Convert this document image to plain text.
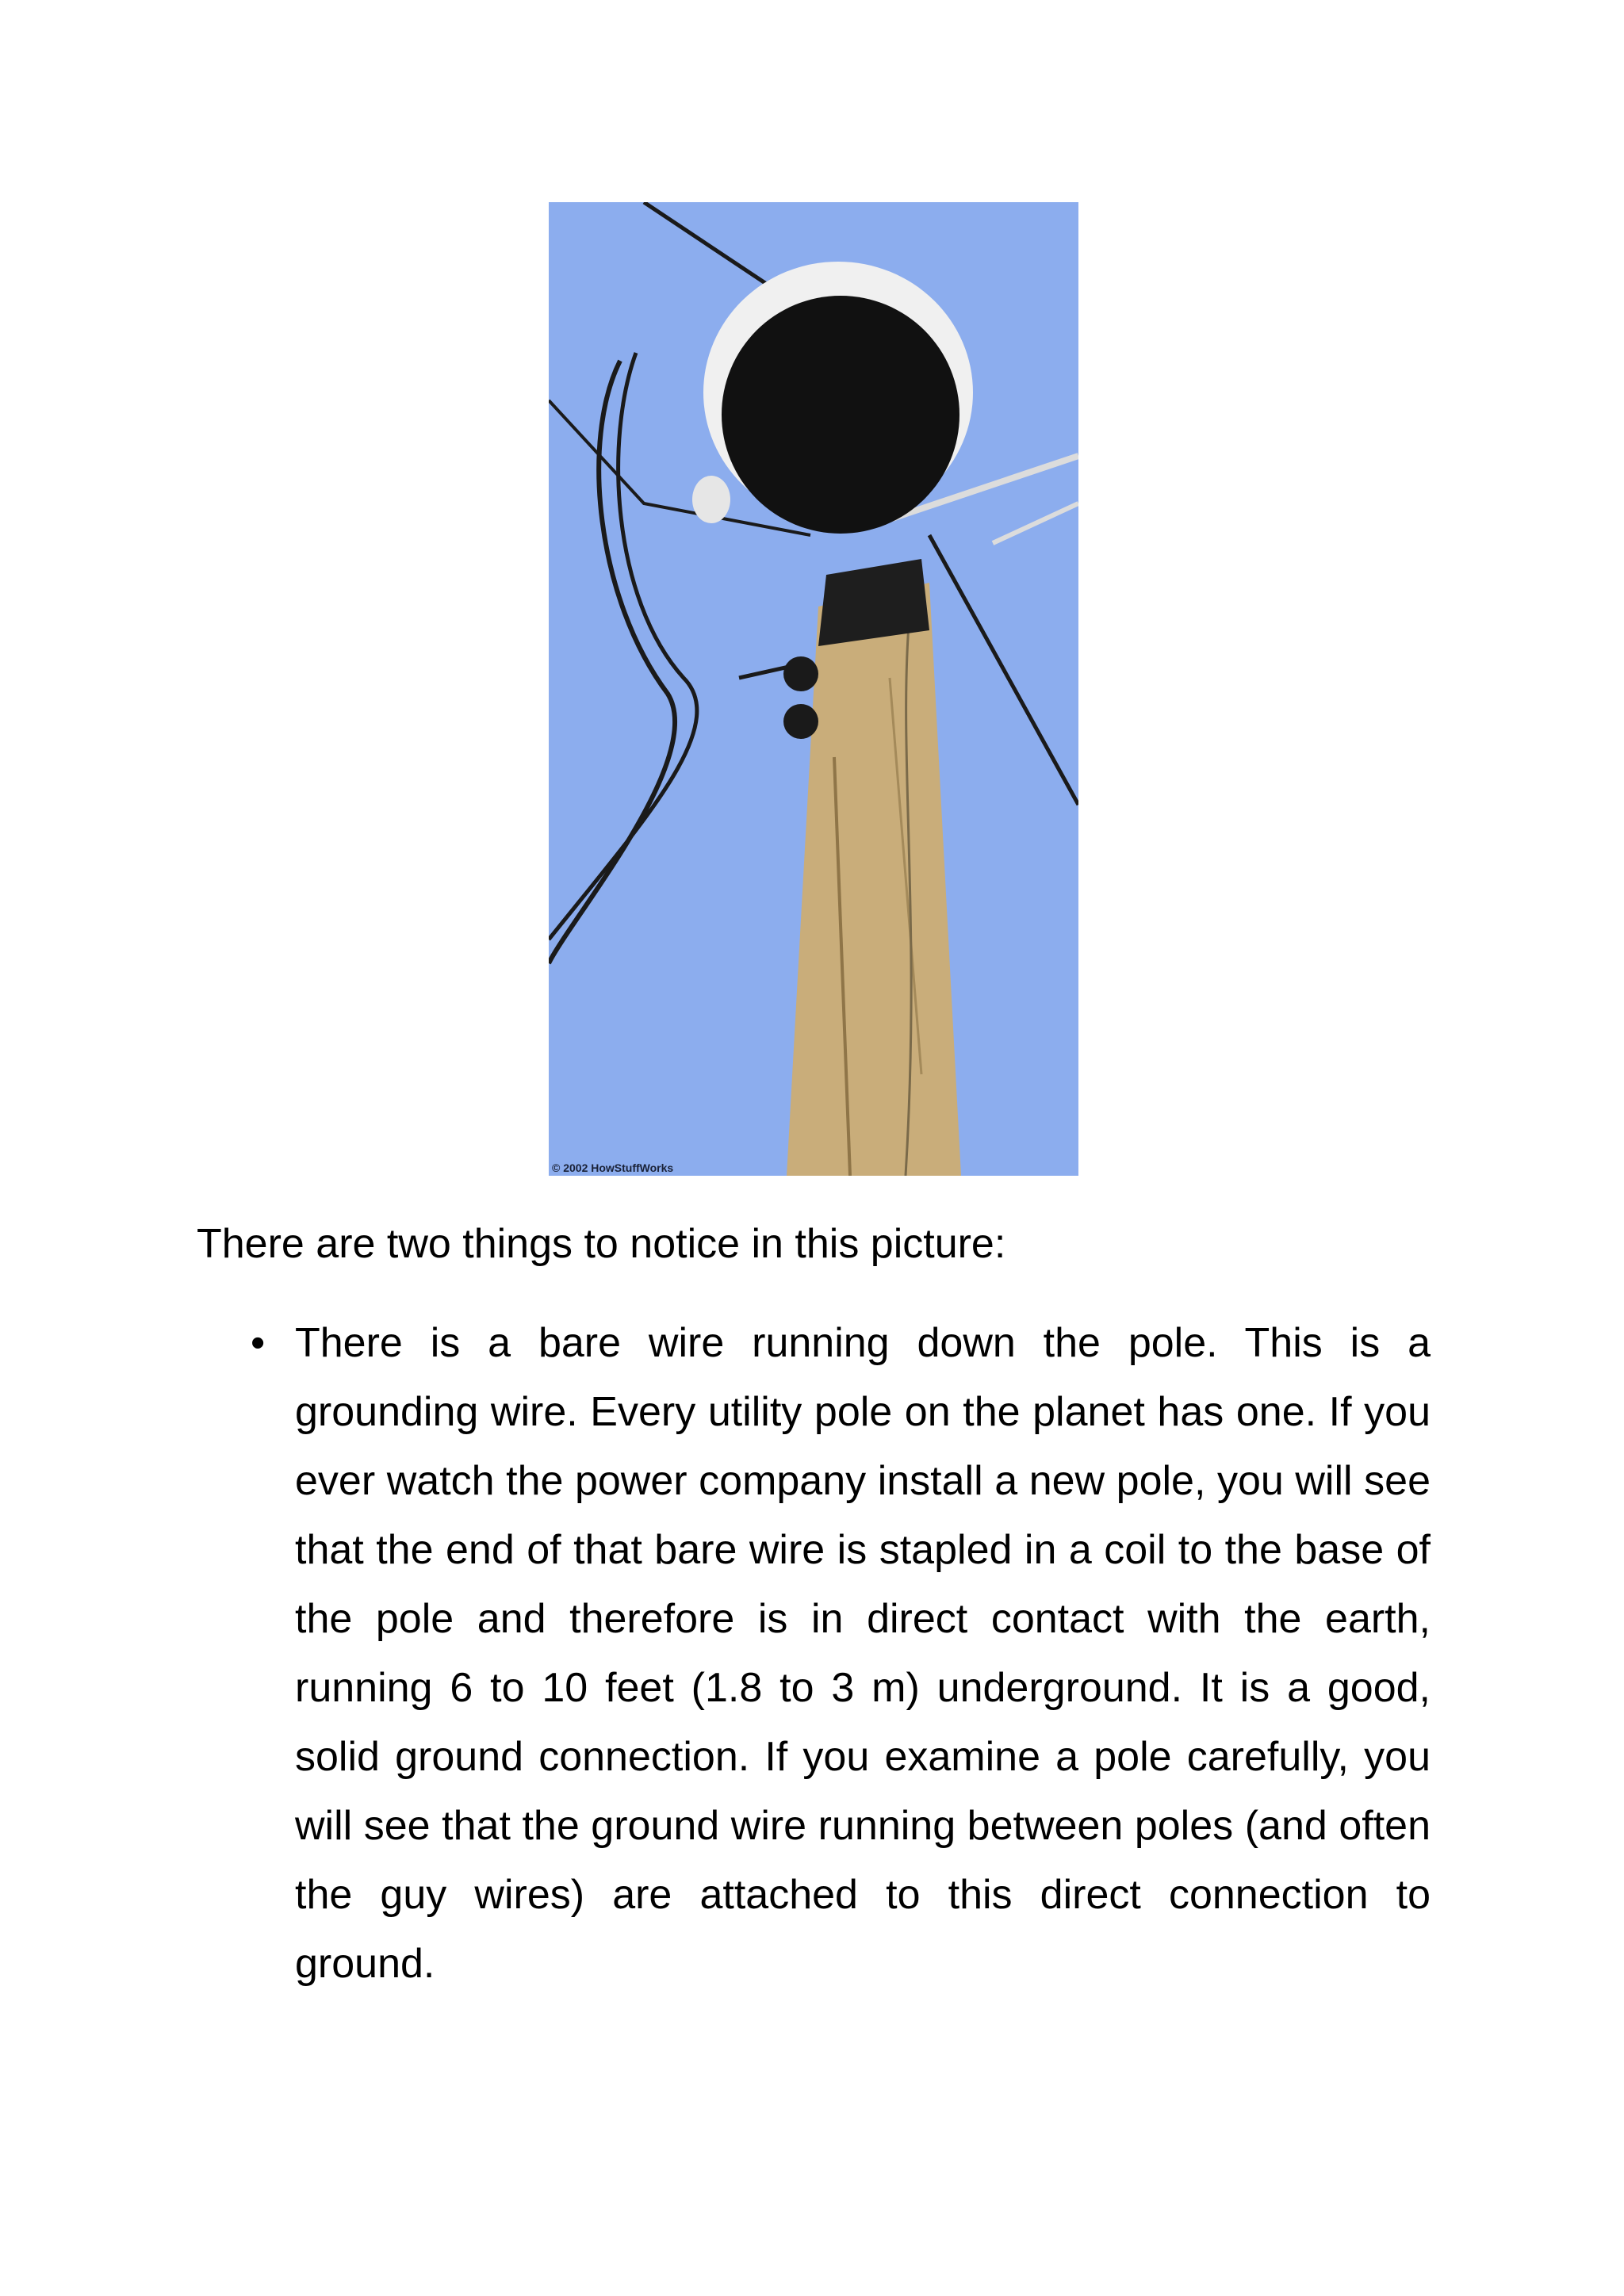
© 2002 HowStuffWorks
There are two things to notice in this picture:
• There is a bare wire running down the pole. This is a grounding wire. Every utility pole on the planet has one. If you ever watch the power company install a new pole, you will see that the end of that bare wire is stapled in a coil to the base of the pole and therefore is in direct contact with the earth, running 6 to 10 feet (1.8 to 3 m) underground. It is a good, solid ground connection. If you examine a pole carefully, you will see that the ground wire running between poles (and often the guy wires) are attached to this direct connection to ground.
